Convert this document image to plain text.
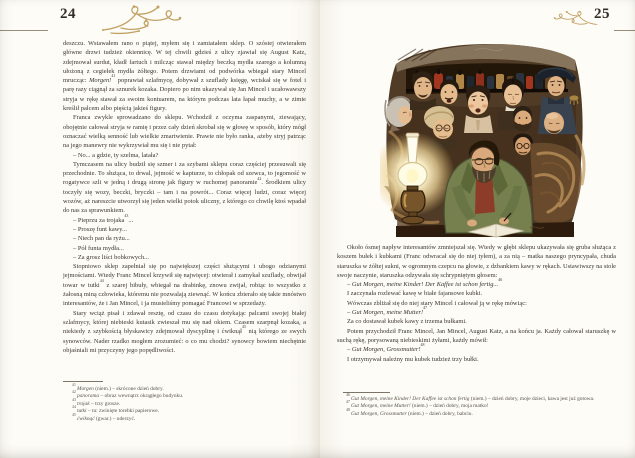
24

deszczu. Wstawałem rano o piątej, myłem się i zamiatałem sklep. O szóstej otwierałem główne drzwi tudzież okiennicę. W tej chwili gdzieś z ulicy zjawiał się August Katz, zdejmował surdut, kładł fartuch i milcząc stawał między beczką mydła szarego a kolumną ułożoną z cegiełek mydła żółtego. Potem drzwiami od podwórka wbiegał stary Mincel mrucząc: Morgen!$^{41}$ poprawiał szlafmycę, dobywał z szuflady księgę, wciskał się w fotel i parę razy ciągnął za sznurek kozaka. Dopiero po nim ukazywał się Jan Mincel i ucałowawszy stryja w rękę stawał za swoim kontuarem, na którym podczas lata łapał muchy, a w zimie kreślił palcem albo pięścią jakieś figury.

Franca zwykle sprowadzano do sklepu. Wchodził z oczyma zaspanymi, ziewający, obojętnie całował stryja w ramię i przez cały dzień skrobał się w głowę w sposób, który mógł oznaczać wielką senność lub wielkie zmartwienie. Prawie nie było ranka, ażeby stryj patrząc na jego manewry nie wykrzywiał mu się i nie pytał:

– No... a gdzie, ty szelma, latała?

Tymczasem na ulicy budził się szmer i za szybami sklepu coraz częściej przesuwali się przechodnie. To służąca, to drwal, jejmość w kapturze, to chłopak od szewca, to jegomość w rogatywce szli w jedną i drugą stronę jak figury w ruchomej panoramie$^{42}$. Środkiem ulicy toczyły się wozy, beczki, bryczki – tam i na powrót... Coraz więcej ludzi, coraz więcej wozów, aż nareszcie utworzył się jeden wielki potok uliczny, z którego co chwilę ktoś wpadał do nas za sprawunkiem.

– Pieprzu za trojaka$^{43}$...

– Proszę funt kawy...

– Niech pan da ryżu...

– Pół funta mydła...

– Za grosz liści bobkowych...

Stopniowo sklep zapełniał się po największej części służącymi i ubogo odzianymi jejmościami. Wtedy Franc Mincel krzywił się najwięcej: otwierał i zamykał szuflady, obwijał towar w tutki$^{44}$ z szarej bibuły, wbiegał na drabinkę, znowu zwijał, robiąc to wszystko z żałosną miną człowieka, któremu nie pozwalają ziewnąć. W końcu zbierało się takie mnóstwo interesantów, że i Jan Mincel, i ja musieliśmy pomagać Francowi w sprzedaży.

Stary wciąż pisał i zdawał resztę, od czasu do czasu dotykając palcami swojej białej szlafmycy, której niebieski kutasik zwieszał mu się nad okiem. Czasem szarpnął kozaka, a niekiedy z szybkością błyskawicy zdejmował dyscyplinę i ćwiknął$^{45}$ nią którego ze swych synowców. Nader rzadko mogłem zrozumieć: o co mu chodzi? synowcy bowiem niechętnie objaśniali mi przyczyny jego popędliwości.

$^{41}$ Morgen (niem.) – skrócone dzień dobry.

$^{42}$ panorama – obraz wewnątrz okrągłego budynku.

$^{43}$ trojak – trzy grosze.

$^{44}$ tutki – tu: zwinięte torebki papierowe.

$^{45}$ ćwiknąć (gwar.) – uderzyć.

25

Około ósmej napływ interesantów zmniejszał się. Wtedy w głębi sklepu ukazywała się gruba służąca z koszem bułek i kubkami (Franc odwracał się do niej tyłem), a za nią – matka naszego pryncypała, chuda staruszka w żółtej sukni, w ogromnym czepcu na głowie, z dzbankiem kawy w rękach. Ustawiwszy na stole swoje naczynie, staruszka odzywała się schrypniętym głosem:

– Gut Morgen, meine Kinder! Der Kaffee ist schon fertig...$^{46}$

I zaczynała rozlewać kawę w białe fajansowe kubki.

Wówczas zbliżał się do niej stary Mincel i całował ją w rękę mówiąc:

– Gut Morgen, meine Mutter!$^{47}$

Za co dostawał kubek kawy z trzema bułkami.

Potem przychodził Franc Mincel, Jan Mincel, August Katz, a na końcu ja. Każdy całował staruszkę w suchą rękę, porysowaną niebieskimi żyłami, każdy mówił:

– Gut Morgen, Grossmutter!$^{48}$

I otrzymywał należny mu kubek tudzież trzy bułki.

$^{46}$ Gut Morgen, meine Kinder! Der Kaffee ist schon fertig (niem.) – dzień dobry, moje dzieci, kawa jest już gotowa.

$^{47}$ Gut Morgen, meine Mutter! (niem.) – dzień dobry, moja matko!

$^{48}$ Gut Morgen, Grossmutter (niem.) – dzień dobry, babciu.
